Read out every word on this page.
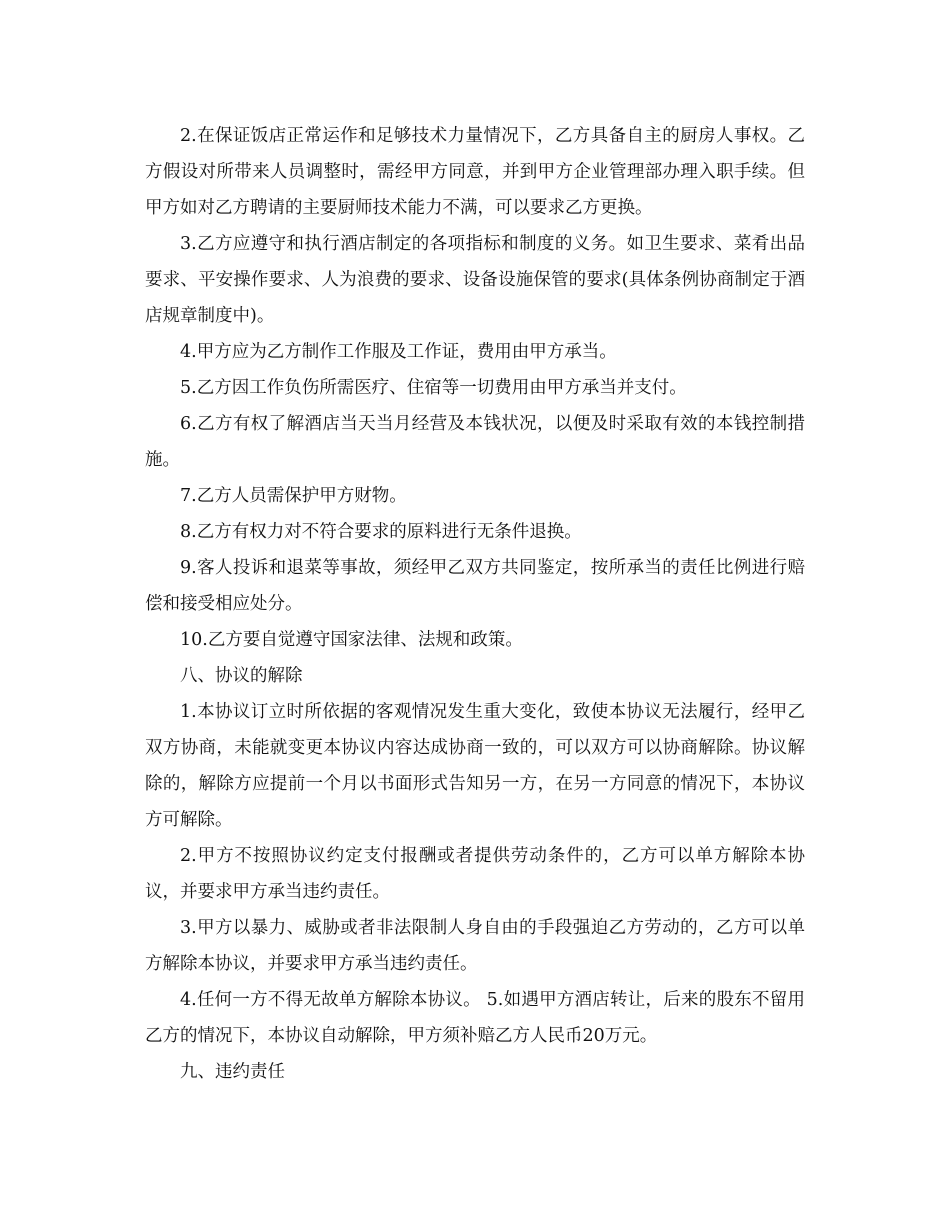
2.在保证饭店正常运作和足够技术力量情况下，乙方具备自主的厨房人事权。乙方假设对所带来人员调整时，需经甲方同意，并到甲方企业管理部办理入职手续。但甲方如对乙方聘请的主要厨师技术能力不满，可以要求乙方更换。

3.乙方应遵守和执行酒店制定的各项指标和制度的义务。如卫生要求、菜肴出品要求、平安操作要求、人为浪费的要求、设备设施保管的要求(具体条例协商制定于酒店规章制度中)。

4.甲方应为乙方制作工作服及工作证，费用由甲方承当。

5.乙方因工作负伤所需医疗、住宿等一切费用由甲方承当并支付。

6.乙方有权了解酒店当天当月经营及本钱状况，以便及时采取有效的本钱控制措施。

7.乙方人员需保护甲方财物。

8.乙方有权力对不符合要求的原料进行无条件退换。

9.客人投诉和退菜等事故，须经甲乙双方共同鉴定，按所承当的责任比例进行赔偿和接受相应处分。

10.乙方要自觉遵守国家法律、法规和政策。

八、协议的解除

1.本协议订立时所依据的客观情况发生重大变化，致使本协议无法履行，经甲乙 双方协商，未能就变更本协议内容达成协商一致的，可以双方可以协商解除。协议解除的，解除方应提前一个月以书面形式告知另一方，在另一方同意的情况下，本协议方可解除。

2.甲方不按照协议约定支付报酬或者提供劳动条件的，乙方可以单方解除本协议，并要求甲方承当违约责任。

3.甲方以暴力、威胁或者非法限制人身自由的手段强迫乙方劳动的，乙方可以单方解除本协议，并要求甲方承当违约责任。

4.任何一方不得无故单方解除本协议。 5.如遇甲方酒店转让，后来的股东不留用乙方的情况下，本协议自动解除，甲方须补赔乙方人民币20万元。

九、违约责任
